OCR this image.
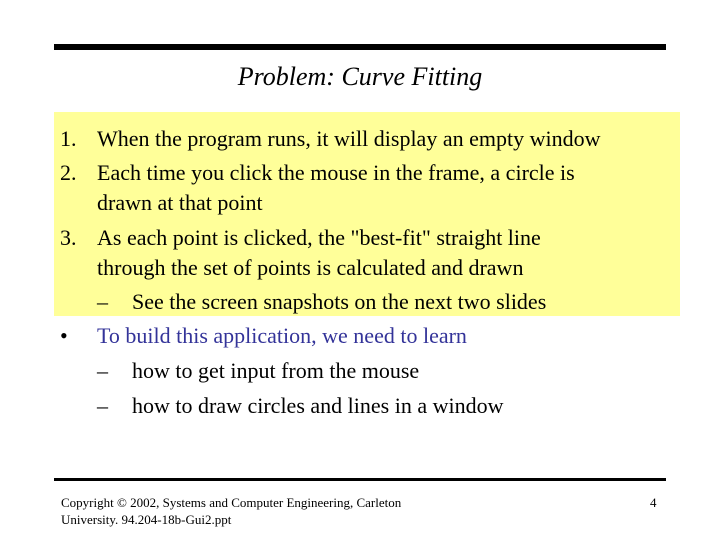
Problem: Curve Fitting
1. When the program runs, it will display an empty window
2. Each time you click the mouse in the frame, a circle is
drawn at that point
3. As each point is clicked, the "best-fit" straight line
through the set of points is calculated and drawn
– See the screen snapshots on the next two slides
• To build this application, we need to learn
– how to get input from the mouse
– how to draw circles and lines in a window
Copyright © 2002, Systems and Computer Engineering, Carleton
University. 94.204-18b-Gui2.ppt
4
